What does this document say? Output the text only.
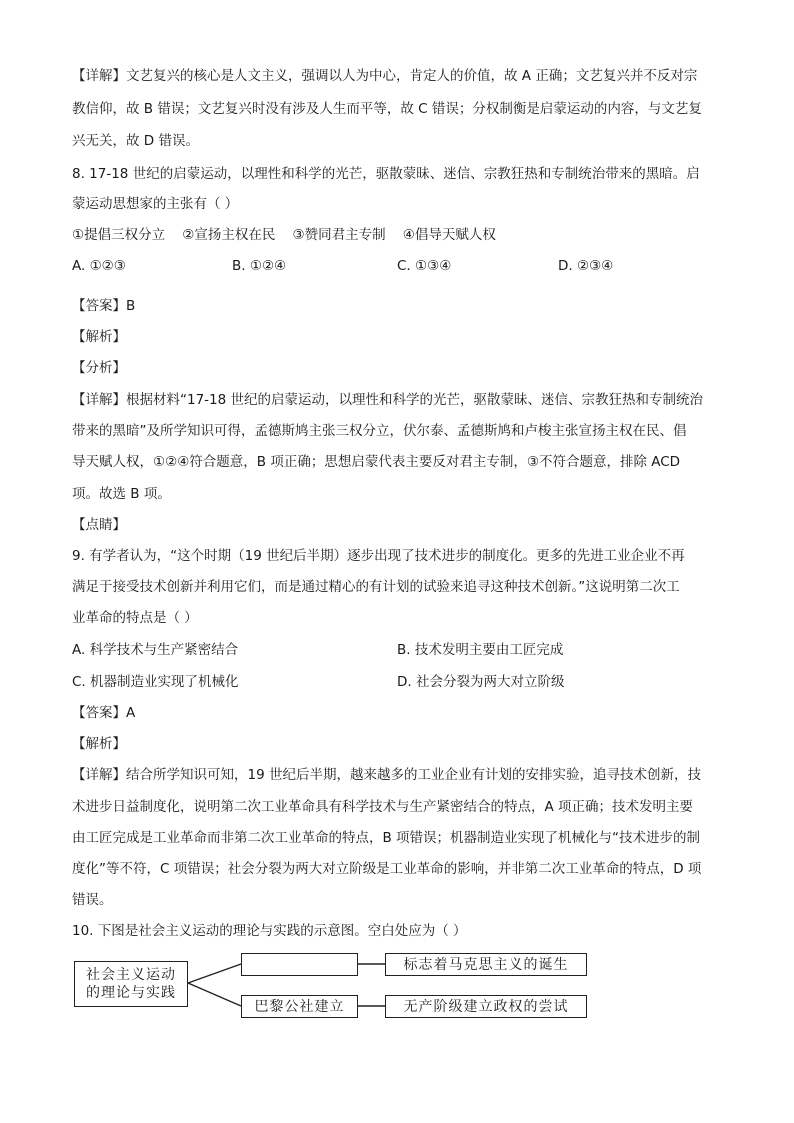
【详解】文艺复兴的核心是人文主义，强调以人为中心，肯定人的价值，故 A 正确；文艺复兴并不反对宗
教信仰，故 B 错误；文艺复兴时没有涉及人生而平等，故 C 错误；分权制衡是启蒙运动的内容，与文艺复
兴无关，故 D 错误。
8. 17-18 世纪的启蒙运动，以理性和科学的光芒，驱散蒙昧、迷信、宗教狂热和专制统治带来的黑暗。启
蒙运动思想家的主张有（ ）
①提倡三权分立    ②宣扬主权在民    ③赞同君主专制    ④倡导天赋人权
A. ①②③	B. ①②④	C. ①③④	D. ②③④
【答案】B
【解析】
【分析】
【详解】根据材料“17-18 世纪的启蒙运动，以理性和科学的光芒，驱散蒙昧、迷信、宗教狂热和专制统治
带来的黑暗”及所学知识可得，孟德斯鸠主张三权分立，伏尔泰、孟德斯鸠和卢梭主张宣扬主权在民、倡
导天赋人权，①②④符合题意，B 项正确；思想启蒙代表主要反对君主专制，③不符合题意，排除 ACD
项。故选 B 项。
【点睛】
9. 有学者认为，“这个时期（19 世纪后半期）逐步出现了技术进步的制度化。更多的先进工业企业不再
满足于接受技术创新并利用它们，而是通过精心的有计划的试验来追寻这种技术创新。”这说明第二次工
业革命的特点是（ ）
A. 科学技术与生产紧密结合	B. 技术发明主要由工匠完成
C. 机器制造业实现了机械化	D. 社会分裂为两大对立阶级
【答案】A
【解析】
【详解】结合所学知识可知，19 世纪后半期，越来越多的工业企业有计划的安排实验，追寻技术创新，技
术进步日益制度化，说明第二次工业革命具有科学技术与生产紧密结合的特点，A 项正确；技术发明主要
由工匠完成是工业革命而非第二次工业革命的特点，B 项错误；机器制造业实现了机械化与“技术进步的制
度化”等不符，C 项错误；社会分裂为两大对立阶级是工业革命的影响，并非第二次工业革命的特点，D 项
错误。
10. 下图是社会主义运动的理论与实践的示意图。空白处应为（ ）
社会主义运动
的理论与实践
标志着马克思主义的诞生
巴黎公社建立	无产阶级建立政权的尝试
